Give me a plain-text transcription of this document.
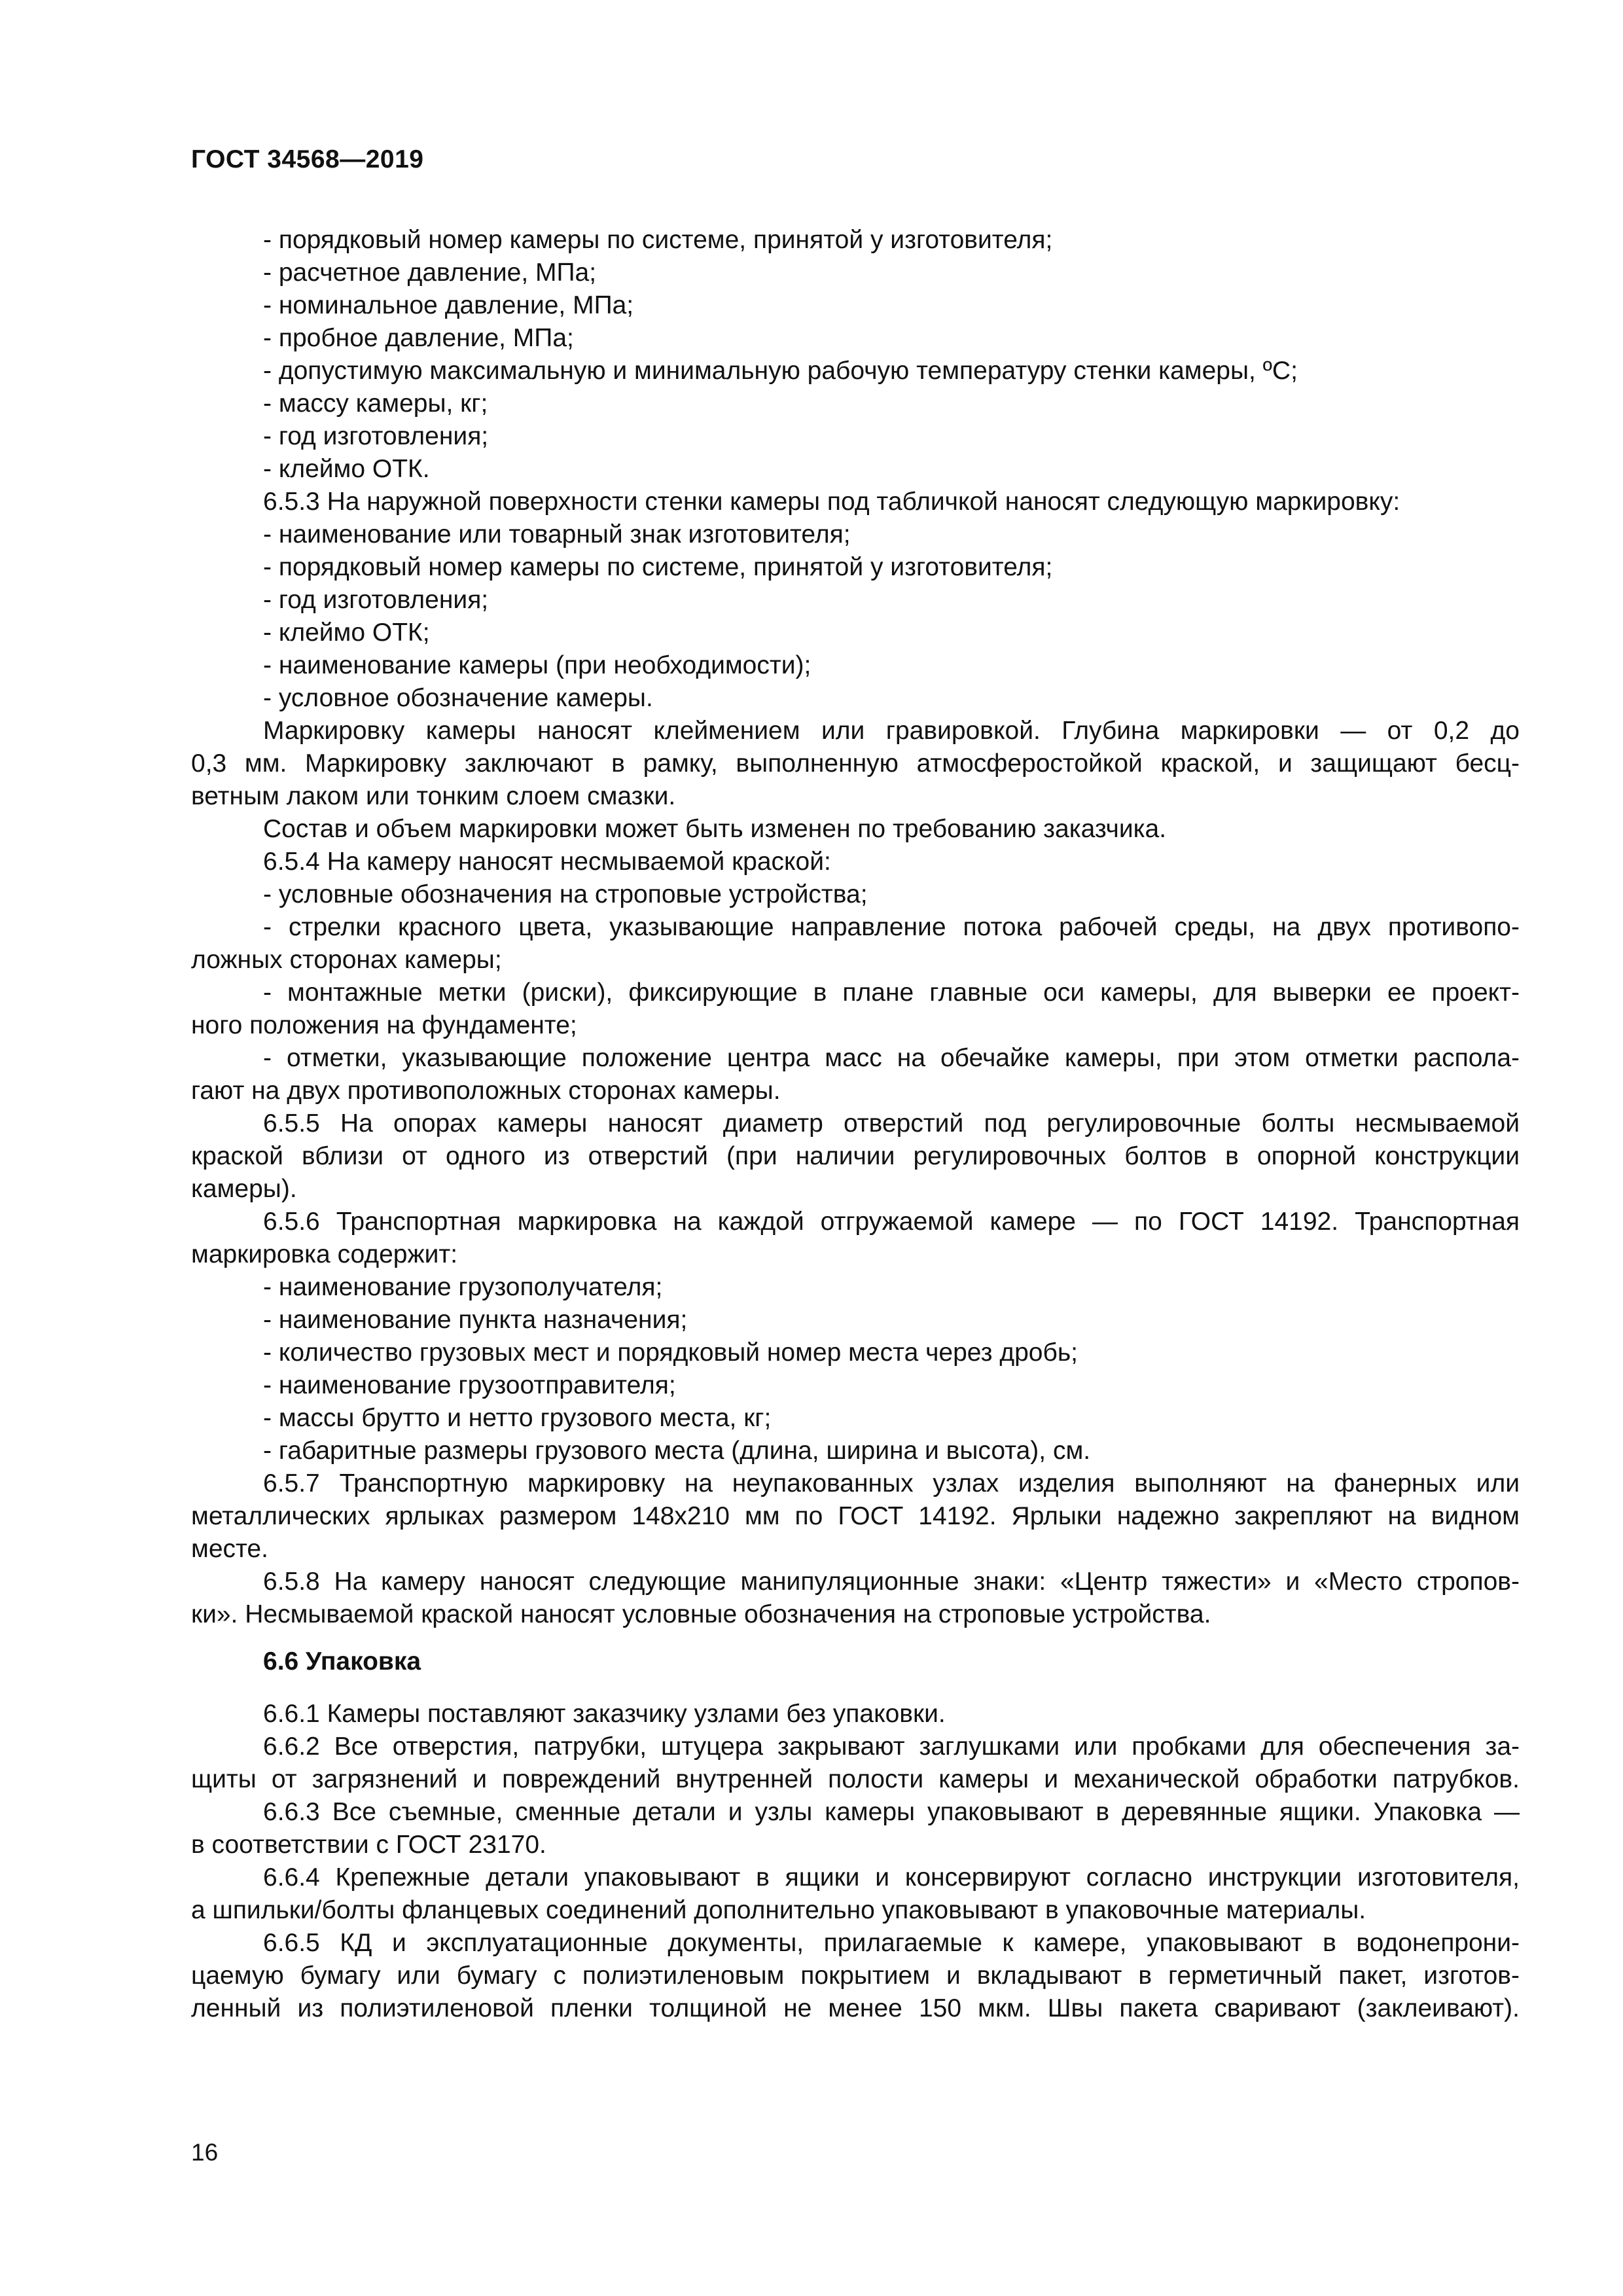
ГОСТ 34568—2019
- порядковый номер камеры по системе, принятой у изготовителя;
- расчетное давление, МПа;
- номинальное давление, МПа;
- пробное давление, МПа;
- допустимую максимальную и минимальную рабочую температуру стенки камеры, ºС;
- массу камеры, кг;
- год изготовления;
- клеймо ОТК.
6.5.3 На наружной поверхности стенки камеры под табличкой наносят следующую маркировку:
- наименование или товарный знак изготовителя;
- порядковый номер камеры по системе, принятой у изготовителя;
- год изготовления;
- клеймо ОТК;
- наименование камеры (при необходимости);
- условное обозначение камеры.
Маркировку камеры наносят клеймением или гравировкой. Глубина маркировки — от 0,2 до
0,3 мм. Маркировку заключают в рамку, выполненную атмосферостойкой краской, и защищают бесц-
ветным лаком или тонким слоем смазки.
Состав и объем маркировки может быть изменен по требованию заказчика.
6.5.4 На камеру наносят несмываемой краской:
- условные обозначения на строповые устройства;
- стрелки красного цвета, указывающие направление потока рабочей среды, на двух противопо-
ложных сторонах камеры;
- монтажные метки (риски), фиксирующие в плане главные оси камеры, для выверки ее проект-
ного положения на фундаменте;
- отметки, указывающие положение центра масс на обечайке камеры, при этом отметки распола-
гают на двух противоположных сторонах камеры.
6.5.5 На опорах камеры наносят диаметр отверстий под регулировочные болты несмываемой
краской вблизи от одного из отверстий (при наличии регулировочных болтов в опорной конструкции
камеры).
6.5.6 Транспортная маркировка на каждой отгружаемой камере — по ГОСТ 14192. Транспортная
маркировка содержит:
- наименование грузополучателя;
- наименование пункта назначения;
- количество грузовых мест и порядковый номер места через дробь;
- наименование грузоотправителя;
- массы брутто и нетто грузового места, кг;
- габаритные размеры грузового места (длина, ширина и высота), см.
6.5.7 Транспортную маркировку на неупакованных узлах изделия выполняют на фанерных или
металлических ярлыках размером 148х210 мм по ГОСТ 14192. Ярлыки надежно закрепляют на видном
месте.
6.5.8 На камеру наносят следующие манипуляционные знаки: «Центр тяжести» и «Место стропов-
ки». Несмываемой краской наносят условные обозначения на строповые устройства.
6.6 Упаковка
6.6.1 Камеры поставляют заказчику узлами без упаковки.
6.6.2 Все отверстия, патрубки, штуцера закрывают заглушками или пробками для обеспечения за-
щиты от загрязнений и повреждений внутренней полости камеры и механической обработки патрубков.
6.6.3 Все съемные, сменные детали и узлы камеры упаковывают в деревянные ящики. Упаковка —
в соответствии с ГОСТ 23170.
6.6.4 Крепежные детали упаковывают в ящики и консервируют согласно инструкции изготовителя,
а шпильки/болты фланцевых соединений дополнительно упаковывают в упаковочные материалы.
6.6.5 КД и эксплуатационные документы, прилагаемые к камере, упаковывают в водонепрони-
цаемую бумагу или бумагу с полиэтиленовым покрытием и вкладывают в герметичный пакет, изготов-
ленный из полиэтиленовой пленки толщиной не менее 150 мкм. Швы пакета сваривают (заклеивают).
16
